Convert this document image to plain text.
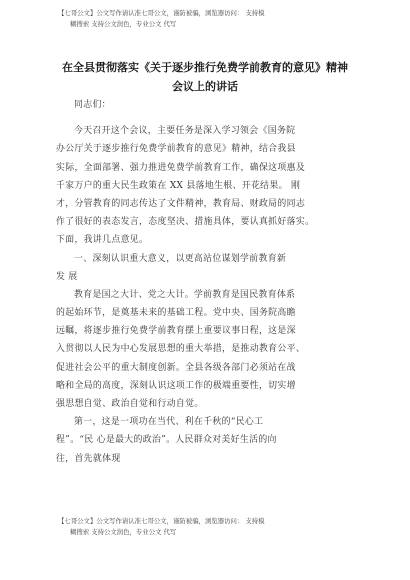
【七哥公文】公文写作请认准七哥公文，谨防被骗，浏览器访问： 支持模
糊搜索 支持公文润色，专业公文 代写
在全县贯彻落实《关于逐步推行免费学前教育的意见》精神
会议上的讲话
同志们：
今天召开这个会议，主要任务是深入学习领会《国务院
办公厅关于逐步推行免费学前教育的意见》精神，结合我县
实际，全面部署、强力推进免费学前教育工作，确保这项惠及
千家万户的重大民生政策在 XX 县落地生根、开花结果。 刚
才，分管教育的同志传达了文件精神，教育局、财政局的同志
作了很好的表态发言，态度坚决、措施具体，要认真抓好落实。
下面，我讲几点意见。
一、深刻认识重大意义，以更高站位谋划学前教育新
发 展
教育是国之大计、党之大计。学前教育是国民教育体系
的起始环节，是奠基未来的基础工程。党中央、国务院高瞻
远瞩，将逐步推行免费学前教育摆上重要议事日程，这是深
入贯彻以人民为中心发展思想的重大举措，是推动教育公平、
促进社会公平的重大制度创新。全县各级各部门必须站在战
略和全局的高度，深刻认识这项工作的极端重要性，切实增
强思想自觉、政治自觉和行动自觉。
第一，这是一项功在当代、利在千秋的“民心工
程”。“民 心是最大的政治”。人民群众对美好生活的向
往，首先就体现
【七哥公文】公文写作请认准七哥公文，谨防被骗，浏览器访问： 支持模
糊搜索 支持公文润色，专业公文 代写
